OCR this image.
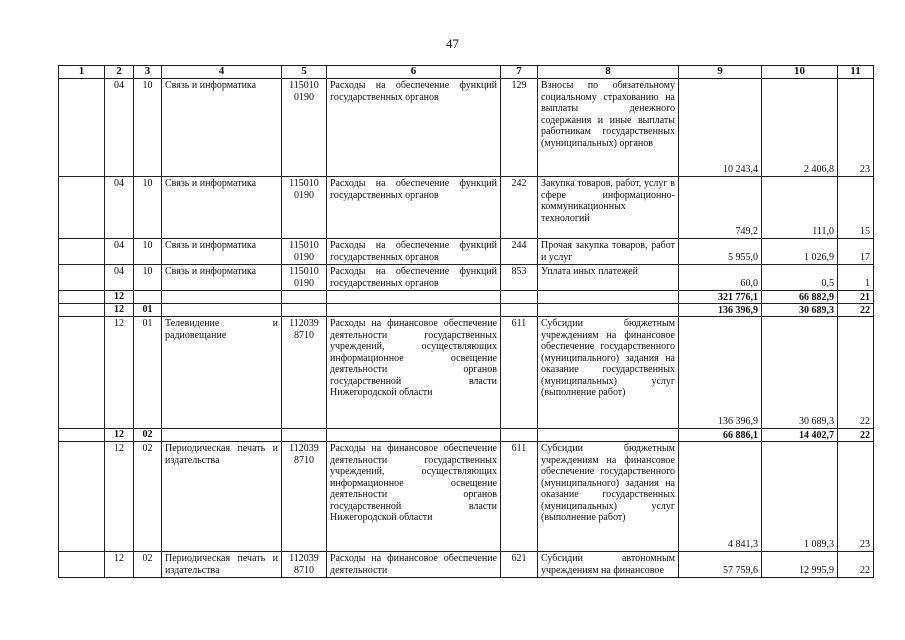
47
1	2	3	4	5	6	7	8	9	10	11
	04	10	Связь и информатика	115010 0190	Расходы на обеспечение функций государственных органов	129	Взносы по обязательному социальному страхованию на выплаты денежного содержания и иные выплаты работникам государственных (муниципальных) органов	10 243,4	2 406,8	23
	04	10	Связь и информатика	115010 0190	Расходы на обеспечение функций государственных органов	242	Закупка товаров, работ, услуг в сфере информационно-коммуникационных технологий	749,2	111,0	15
	04	10	Связь и информатика	115010 0190	Расходы на обеспечение функций государственных органов	244	Прочая закупка товаров, работ и услуг	5 955,0	1 026,9	17
	04	10	Связь и информатика	115010 0190	Расходы на обеспечение функций государственных органов	853	Уплата иных платежей	60,0	0,5	1
	12							321 776,1	66 882,9	21
	12	01						136 396,9	30 689,3	22
	12	01	Телевидение и радиовещание	112039 8710	Расходы на финансовое обеспечение деятельности государственных учреждений, осуществляющих информационное освещение деятельности органов государственной власти Нижегородской области	611	Субсидии бюджетным учреждениям на финансовое обеспечение государственного (муниципального) задания на оказание государственных (муниципальных) услуг (выполнение работ)	136 396,9	30 689,3	22
	12	02						66 886,1	14 402,7	22
	12	02	Периодическая печать и издательства	112039 8710	Расходы на финансовое обеспечение деятельности государственных учреждений, осуществляющих информационное освещение деятельности органов государственной власти Нижегородской области	611	Субсидии бюджетным учреждениям на финансовое обеспечение государственного (муниципального) задания на оказание государственных (муниципальных) услуг (выполнение работ)	4 841,3	1 089,3	23
	12	02	Периодическая печать и издательства	112039 8710	Расходы на финансовое обеспечение деятельности	621	Субсидии автономным учреждениям на финансовое	57 759,6	12 995,9	22
